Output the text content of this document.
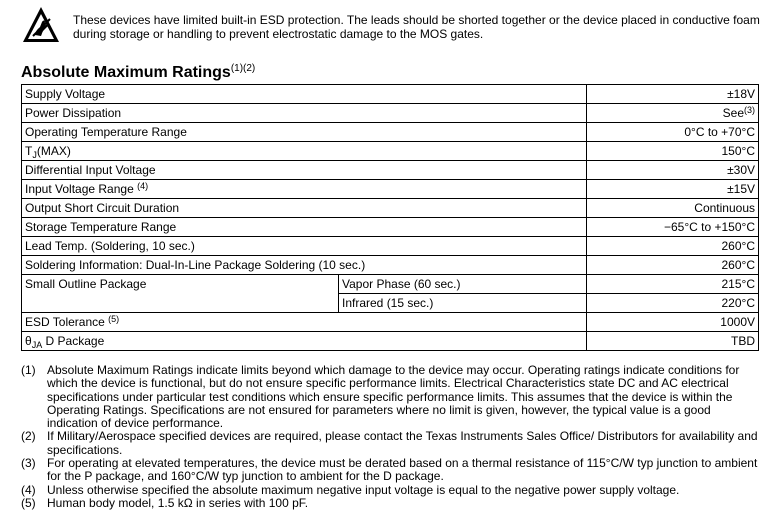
These devices have limited built-in ESD protection. The leads should be shorted together or the device placed in conductive foam during storage or handling to prevent electrostatic damage to the MOS gates.
Absolute Maximum Ratings$^{(1)(2)}$
Supply Voltage		±18V
Power Dissipation		See$^{(3)}$
Operating Temperature Range		0°C to +70°C
$T_J(MAX)$		150°C
Differential Input Voltage		±30V
Input Voltage Range $^{(4)}$		±15V
Output Short Circuit Duration		Continuous
Storage Temperature Range		−65°C to +150°C
Lead Temp. (Soldering, 10 sec.)		260°C
Soldering Information: Dual-In-Line Package Soldering (10 sec.)		260°C
Small Outline Package	Vapor Phase (60 sec.)	215°C
	Infrared (15 sec.)	220°C
ESD Tolerance $^{(5)}$		1000V
$\theta_{JA}$ D Package		TBD
(1) Absolute Maximum Ratings indicate limits beyond which damage to the device may occur. Operating ratings indicate conditions for which the device is functional, but do not ensure specific performance limits. Electrical Characteristics state DC and AC electrical specifications under particular test conditions which ensure specific performance limits. This assumes that the device is within the Operating Ratings. Specifications are not ensured for parameters where no limit is given, however, the typical value is a good indication of device performance.
(2) If Military/Aerospace specified devices are required, please contact the Texas Instruments Sales Office/ Distributors for availability and specifications.
(3) For operating at elevated temperatures, the device must be derated based on a thermal resistance of 115°C/W typ junction to ambient for the P package, and 160°C/W typ junction to ambient for the D package.
(4) Unless otherwise specified the absolute maximum negative input voltage is equal to the negative power supply voltage.
(5) Human body model, 1.5 kΩ in series with 100 pF.
